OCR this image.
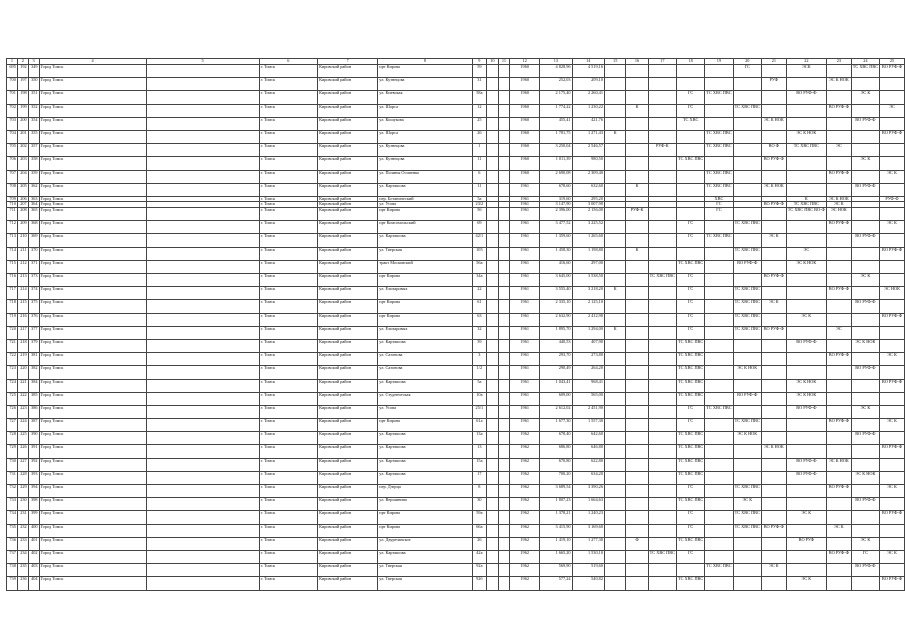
1	2	3	4	5	6	7	8	9	10	11	12	13	14	15	16	17	18	19	20	21	22	23	24	25
695	192	349	Город Томск		г. Томск	Кировский район	прт Кирова	59			1960	4 828,96	4 519,16						ГС		ЭСК		ТС ХВС ПВС	ВО РУФ-Ф
700	197	350	Город Томск		г. Томск	Кировский район	ул. Кузнецова	31			1960	252,03	209,10							РУФ		ЭС К НОК		
701	198	351	Город Томск		г. Томск	Кировский район	ул. Киевская	58а			1960	2 175,40	2 260,41				ГС	ТС ХВС ПВС			ВО РУФ-Ф		ЭС К	
702	199	352	Город Томск		г. Томск	Кировский район	ул. Шорса	12			1960	1 774,22	1 230,22		К		ГС		ТС ХВС ПВС			ВО РУФ-Ф		ЭС
703	200	354	Город Томск		г. Томск	Кировский район	ул. Кошукова	25			1960	455,41	421,76				ТС ХВС			ЭС К НОК			ВО РУФ-Ф	
704	201	355	Город Томск		г. Томск	Кировский район	ул. Шорса	26			1960	1 781,75	1 271,43	К				ТС ХВС ПВС			ЭС К НОК			ВО РУФ-Ф
705	202	357	Город Томск		г. Томск	Кировский район	ул. Кузнецова	1			1960	3 250,04	2 546,57			РУФ-К		ТС ХВС ПВС		ВО Ф	ТС ХВС ПВС	ЭС		
706	203	358	Город Томск		г. Томск	Кировский район	ул. Кузнецова	11			1960	1 011,39	980,50				ТС ХВС ПВС			ВО РУФ-Ф			ЭС К	
707	204	359	Город Томск		г. Томск	Кировский район	ул. Полины Осипенко	6			1960	2 690,08	2 309,40					ТС ХВС ПВС				ВО РУФ-Ф		ЭС К
708	205	362	Город Томск		г. Томск	Кировский район	ул. Карташова	11			1961	678,60	632,60		К			ТС ХВС ПВС		ЭС К НОК			ВО РУФ-Ф	
709	206	363	Город Томск		г. Томск	Кировский район	пер. Ботанический	5а			1961	319,60	295,20					ХВС			К	ЭС К НОК		РУФ-Ф
710	207	364	Город Томск		г. Томск	Кировский район	ул. Усова	23/2			1961	3 147,90	3 007,90					ГС		ВО РУФ-Ф	ТС ХВС ПВС	ЭС К		
711	208	365	Город Томск		г. Томск	Кировский район	прт Кирова	56			1961	2 396,00	2 156,00		РУФ-К			ГС			ТС ХВС ПВС ВО-Ф	ЭС НОК		
712	209	368	Город Томск		г. Томск	Кировский район	прт Комсомольский	69			1961	3 477,52	3 225,52				ГС		ТС ХВС ПВС			ВО РУФ-Ф		ЭС К
713	210	369	Город Томск		г. Томск	Кировский район	ул. Карташова	42/1			1961	1 359,60	1 265,60				ГС	ТС ХВС ПВС		ЭС К			ВО РУФ-Ф	
714	211	370	Город Томск		г. Томск	Кировский район	ул. Тверская	105			1961	1 458,30	1 198,80		К				ТС ХВС ПВС		ЭС			ВО РУФ-Ф
715	212	371	Город Томск		г. Томск	Кировский район	тракт Московский	56а			1961	416,60	297,00				ТС ХВС ПВС		ВО РУФ-Ф		ЭС К НОК			
716	213	373	Город Томск		г. Томск	Кировский район	прт Кирова	34а			1961	3 645,00	3 538,50			ТС ХВС ПВС	ГС			ВО РУФ-Ф			ЭС К	
717	214	374	Город Томск		г. Томск	Кировский район	ул. Елизаровых	22			1961	3 555,40	3 218,20	К			ГС		ТС ХВС ПВС			ВО РУФ-Ф		ЭС НОК
718	215	375	Город Томск		г. Томск	Кировский район	прт Кирова	61			1961	2 335,10	2 125,10				ГС		ТС ХВС ПВС	ЭС К			ВО РУФ-Ф	
719	216	376	Город Томск		г. Томск	Кировский район	прт Кирова	63			1961	2 632,90	2 412,90				ГС		ТС ХВС ПВС		ЭС К			ВО РУФ-Ф
720	217	377	Город Томск		г. Томск	Кировский район	ул. Елизаровых	32			1961	1 895,70	1 294,00	К			ГС		ТС ХВС ПВС	ВО РУФ-Ф		ЭС		
721	218	379	Город Томск		г. Томск	Кировский район	ул. Карташова	39			1961	440,53	407,90				ТС ХВС ПВС				ВО РУФ-Ф		ЭС К НОК	
722	219	381	Город Томск		г. Томск	Кировский район	ул. Сазонова	3			1961	293,70	273,80				ТС ХВС ПВС					ВО РУФ-Ф		ЭС К
723	220	382	Город Томск		г. Томск	Кировский район	ул. Сазонова	1/2			1961	290,49	264,20				ТС ХВС ПВС		ЭС К НОК				ВО РУФ-Ф	
724	221	384	Город Томск		г. Томск	Кировский район	ул. Карташова	5а			1961	1 043,41	968,41				ТС ХВС ПВС				ЭС К НОК			ВО РУФ-Ф
725	222	385	Город Томск		г. Томск	Кировский район	ул. Студенческая	10а			1961	609,00	565,00				ТС ХВС ПВС		ВО РУФ-Ф		ЭС К НОК			
726	223	386	Город Томск		г. Томск	Кировский район	ул. Усова	25/1			1961	2 612,02	2 451,90				ГС	ТС ХВС ПВС			ВО РУФ-Ф		ЭС К	
727	224	387	Город Томск		г. Томск	Кировский район	прт Кирова	61а			1961	1 677,30	1 557,30				ГС		ТС ХВС ПВС			ВО РУФ-Ф		ЭС К
728	225	390	Город Томск		г. Томск	Кировский район	ул. Карташова	13а			1962	678,40	642,60				ТС ХВС ПВС		ЭС К НОК				ВО РУФ-Ф	
729	226	391	Город Томск		г. Томск	Кировский район	ул. Карташова	13			1962	686,80	646,80				ТС ХВС ПВС			ЭС К НОК				ВО РУФ-Ф
730	227	392	Город Томск		г. Томск	Кировский район	ул. Карташова	15а			1962	670,80	622,80				ТС ХВС ПВС				ВО РУФ-Ф	ЭС К НОК		
731	228	393	Город Томск		г. Томск	Кировский район	ул. Карташова	17			1962	700,20	634,20				ТС ХВС ПВС				ВО РУФ-Ф		ЭС К НОК	
732	229	394	Город Томск		г. Томск	Кировский район	пер. Дзерца	8			1962	3 689,54	3 390,26				ГС		ТС ХВС ПВС			ВО РУФ-Ф		ЭС К
733	230	398	Город Томск		г. Томск	Кировский район	ул. Вершинина	30			1962	1 807,23	1 664,63				ТС ХВС ПВС		ЭС К				ВО РУФ-Ф	
734	231	399	Город Томск		г. Томск	Кировский район	прт Кирова	59а			1962	1 378,21	1 240,23				ГС		ТС ХВС ПВС		ЭС К			ВО РУФ-Ф
735	232	400	Город Томск		г. Томск	Кировский район	прт Кирова	66а			1962	3 415,90	3 169,60				ГС		ТС ХВС ПВС	ВО РУФ-Ф		ЭС К		
736	233	401	Город Томск		г. Томск	Кировский район	ул. Двуречанское	26			1962	1 419,10	1 277,30		Ф		ТС ХВС ПВС				ВО РУФ		ЭС К	
737	234	402	Город Томск		г. Томск	Кировский район	ул. Карташова	42а			1962	1 665,20	1 530,10			ТС ХВС ПВС	ГС					ВО РУФ-Ф	ГС	ЭС К
738	235	403	Город Томск		г. Томск	Кировский район	ул. Тверская	92а			1962	569,90	519,60					ТС ХВС ПВС		ЭС К			ВО РУФ-Ф	
739	236	404	Город Томск		г. Томск	Кировский район	ул. Тверская	92б			1962	577,24	540,82				ТС ХВС ПВС				ЭС К			ВО РУФ-Ф
